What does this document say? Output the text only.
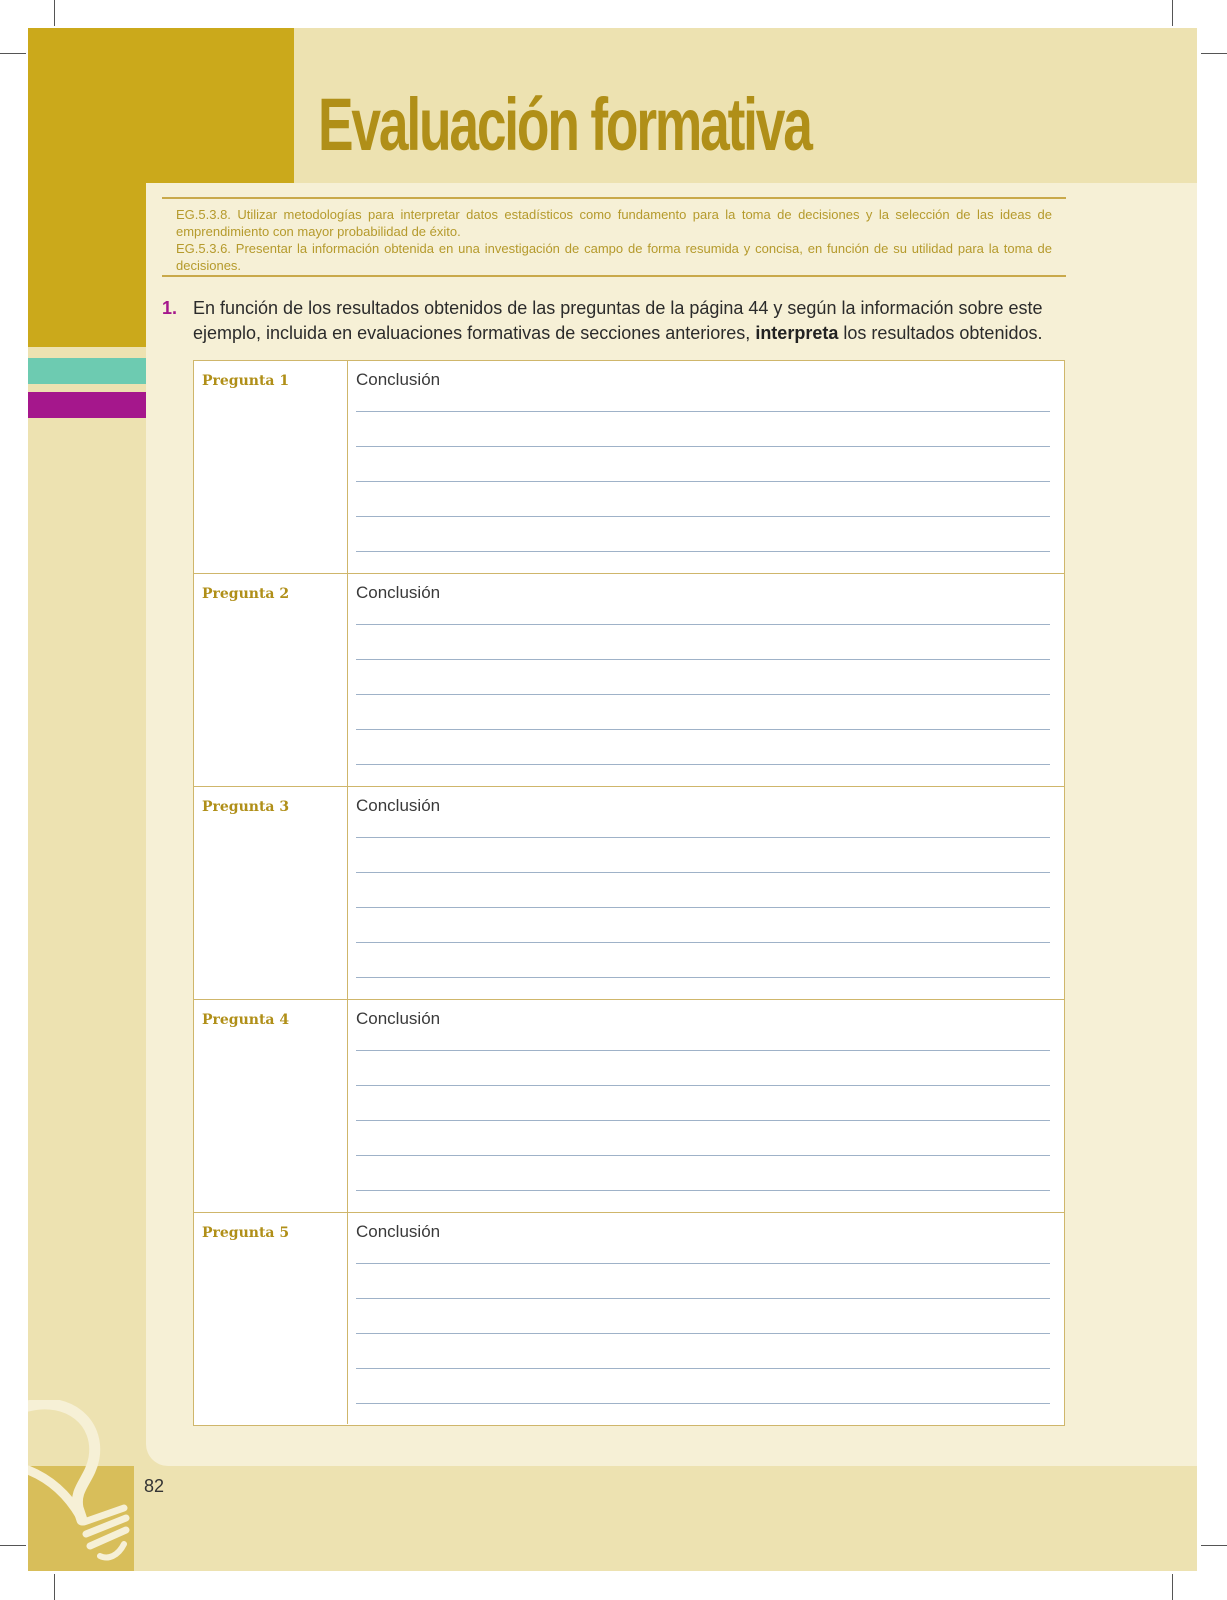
Evaluación formativa

EG.5.3.8. Utilizar metodologías para interpretar datos estadísticos como fundamento para la toma de decisiones y la selección de las ideas de emprendimiento con mayor probabilidad de éxito.

EG.5.3.6. Presentar la información obtenida en una investigación de campo de forma resumida y concisa, en función de su utilidad para la toma de decisiones.

1. En función de los resultados obtenidos de las preguntas de la página 44 y según la información sobre este ejemplo, incluida en evaluaciones formativas de secciones anteriores, interpreta los resultados obtenidos.
Pregunta 1	Conclusión
Pregunta 2	Conclusión
Pregunta 3	Conclusión
Pregunta 4	Conclusión
Pregunta 5	Conclusión
82
